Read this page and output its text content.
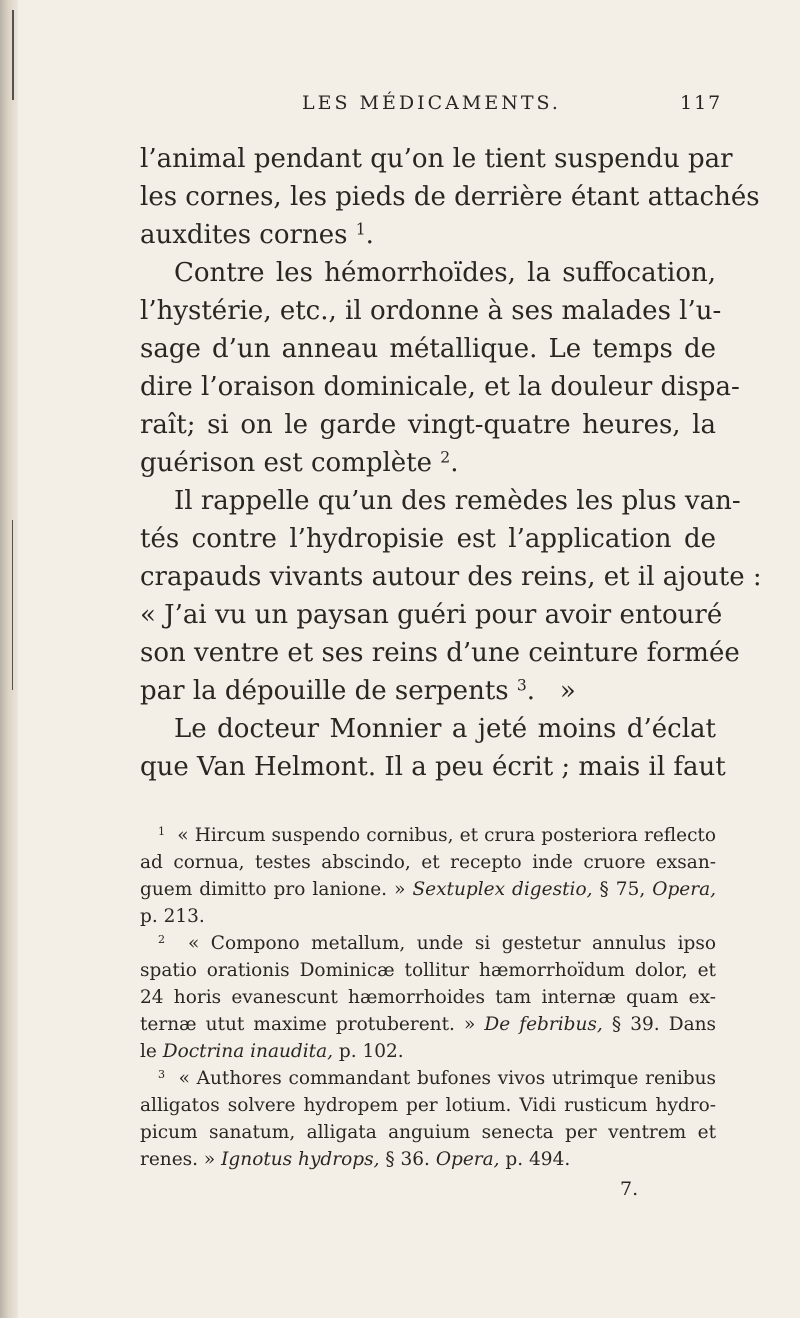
LES MÉDICAMENTS.	117
l’animal pendant qu’on le tient suspendu par
les cornes, les pieds de derrière étant attachés
auxdites cornes $^1$.
Contre les hémorrhoïdes, la suffocation,
l’hystérie, etc., il ordonne à ses malades l’u-
sage d’un anneau métallique. Le temps de
dire l’oraison dominicale, et la douleur dispa-
raît; si on le garde vingt-quatre heures, la
guérison est complète $^2$.
Il rappelle qu’un des remèdes les plus van-
tés contre l’hydropisie est l’application de
crapauds vivants autour des reins, et il ajoute :
« J’ai vu un paysan guéri pour avoir entouré
son ventre et ses reins d’une ceinture formée
par la dépouille de serpents $^3$. »
Le docteur Monnier a jeté moins d’éclat
que Van Helmont. Il a peu écrit ; mais il faut
$^1$ « Hircum suspendo cornibus, et crura posteriora reflecto
ad cornua, testes abscindo, et recepto inde cruore exsan-
guem dimitto pro lanione. » Sextuplex digestio, § 75, Opera,
p. 213.
$^2$ « Compono metallum, unde si gestetur annulus ipso
spatio orationis Dominicæ tollitur hæmorrhoïdum dolor, et
24 horis evanescunt hæmorrhoides tam internæ quam ex-
ternæ utut maxime protuberent. » De febribus, § 39. Dans
le Doctrina inaudita, p. 102.
$^3$ « Authores commandant bufones vivos utrimque renibus
alligatos solvere hydropem per lotium. Vidi rusticum hydro-
picum sanatum, alligata anguium senecta per ventrem et
renes. » Ignotus hydrops, § 36. Opera, p. 494.
7.
